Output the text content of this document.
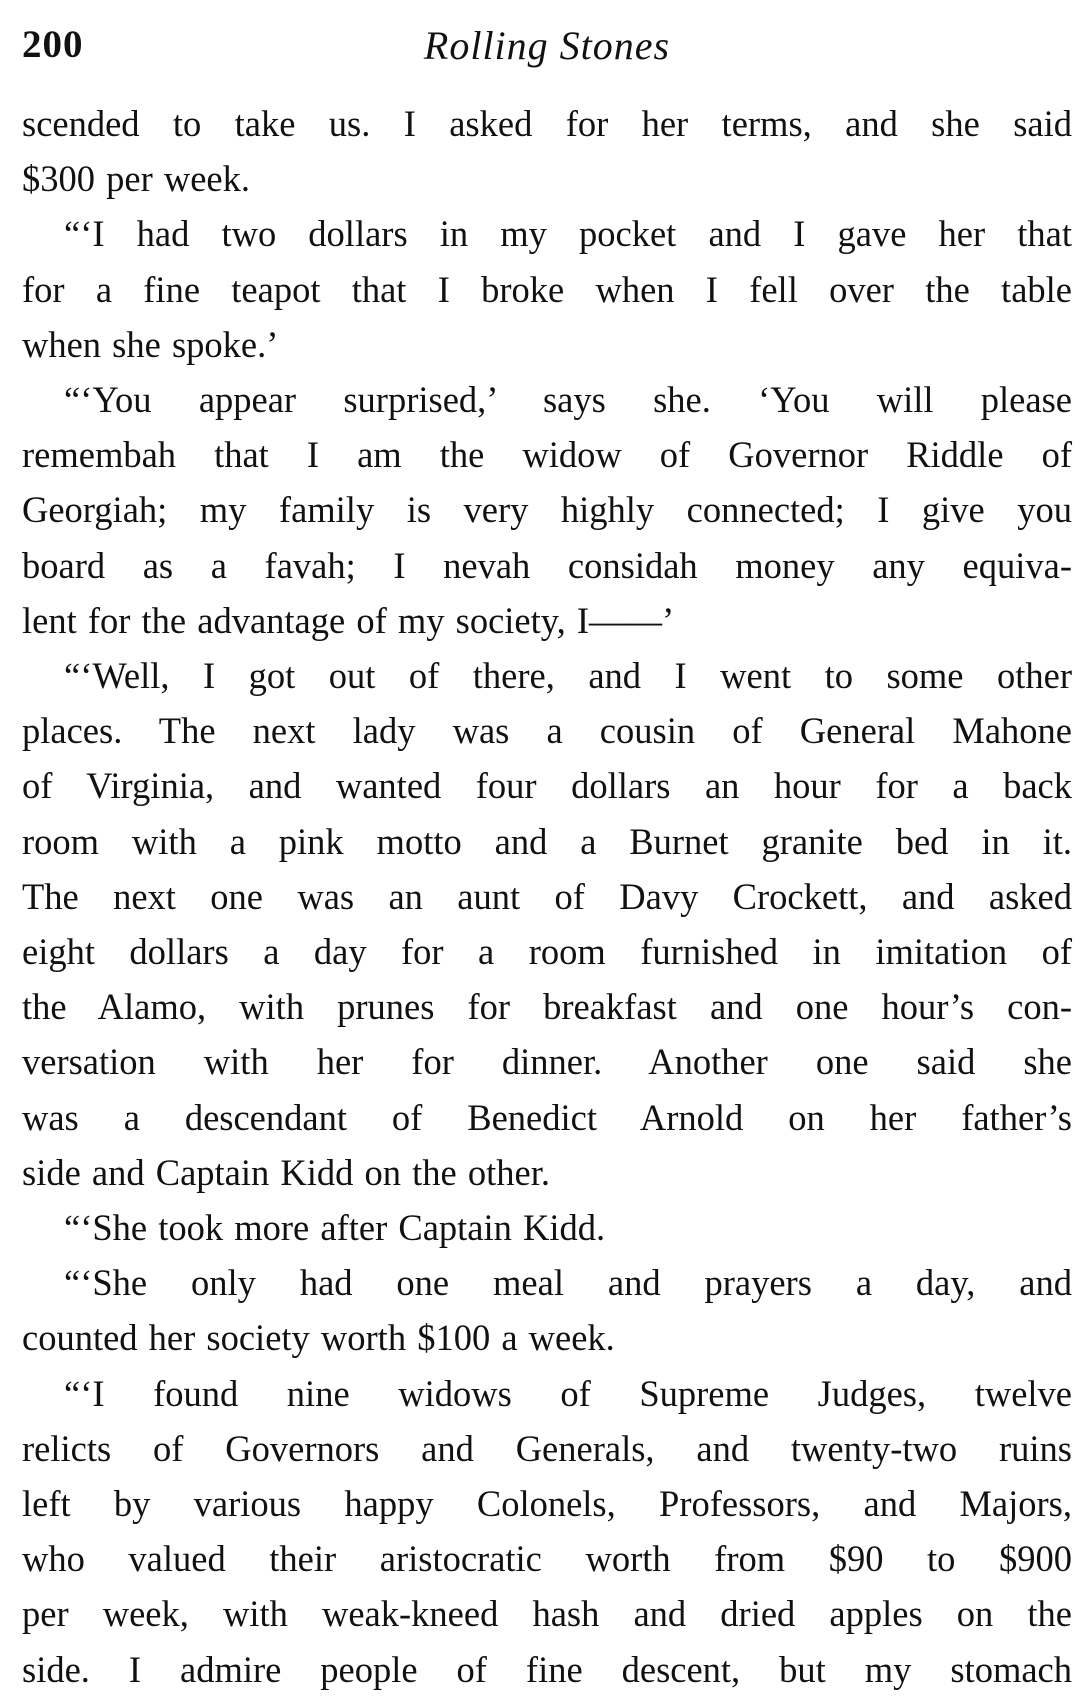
200	Rolling Stones

scended to take us. I asked for her terms, and she said
$300 per week.

“‘I had two dollars in my pocket and I gave her that
for a fine teapot that I broke when I fell over the table
when she spoke.’

“‘You appear surprised,’ says she. ‘You will please
remembah that I am the widow of Governor Riddle of
Georgiah; my family is very highly connected; I give you
board as a favah; I nevah considah money any equiva-
lent for the advantage of my society, I——’

“‘Well, I got out of there, and I went to some other
places. The next lady was a cousin of General Mahone
of Virginia, and wanted four dollars an hour for a back
room with a pink motto and a Burnet granite bed in it.
The next one was an aunt of Davy Crockett, and asked
eight dollars a day for a room furnished in imitation of
the Alamo, with prunes for breakfast and one hour’s con-
versation with her for dinner. Another one said she
was a descendant of Benedict Arnold on her father’s
side and Captain Kidd on the other.

“‘She took more after Captain Kidd.

“‘She only had one meal and prayers a day, and
counted her society worth $100 a week.

“‘I found nine widows of Supreme Judges, twelve
relicts of Governors and Generals, and twenty-two ruins
left by various happy Colonels, Professors, and Majors,
who valued their aristocratic worth from $90 to $900
per week, with weak-kneed hash and dried apples on the
side. I admire people of fine descent, but my stomach
